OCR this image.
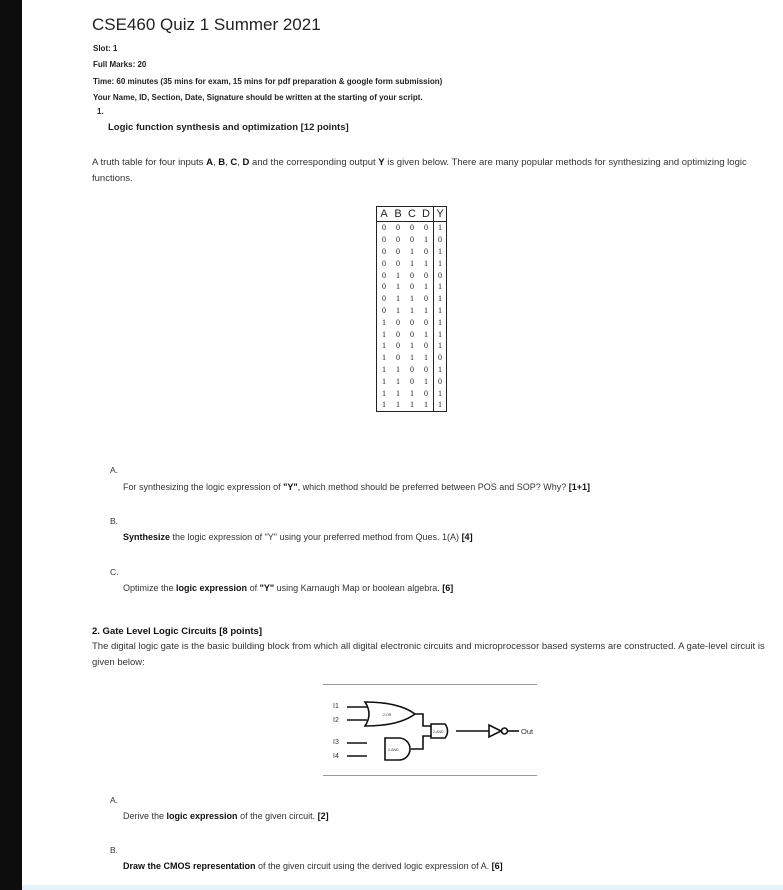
CSE460 Quiz 1 Summer 2021
Slot: 1
Full Marks: 20
Time: 60 minutes (35 mins for exam, 15 mins for pdf preparation & google form submission)
Your Name, ID, Section, Date, Signature should be written at the starting of your script.
1.
Logic function synthesis and optimization [12 points]
A truth table for four inputs A, B, C, D and the corresponding output Y is given below. There are many popular methods for synthesizing and optimizing logic functions.
A	B	C	D	Y
0	0	0	0	1
0	0	0	1	0
0	0	1	0	1
0	0	1	1	1
0	1	0	0	0
0	1	0	1	1
0	1	1	0	1
0	1	1	1	1
1	0	0	0	1
1	0	0	1	1
1	0	1	0	1
1	0	1	1	0
1	1	0	0	1
1	1	0	1	0
1	1	1	0	1
1	1	1	1	1
A.
For synthesizing the logic expression of "Y", which method should be preferred between POS and SOP? Why? [1+1]
B.
Synthesize the logic expression of "Y" using your preferred method from Ques. 1(A) [4]
C.
Optimize the logic expression of "Y" using Karnaugh Map or boolean algebra. [6]
2. Gate Level Logic Circuits [8 points]
The digital logic gate is the basic building block from which all digital electronic circuits and microprocessor based systems are constructed. A gate-level circuit is given below:
I1
I2
I3
I4
2-OR
2-AND
2-AND	Out
A.
Derive the logic expression of the given circuit. [2]
B.
Draw the CMOS representation of the given circuit using the derived logic expression of A. [6]
